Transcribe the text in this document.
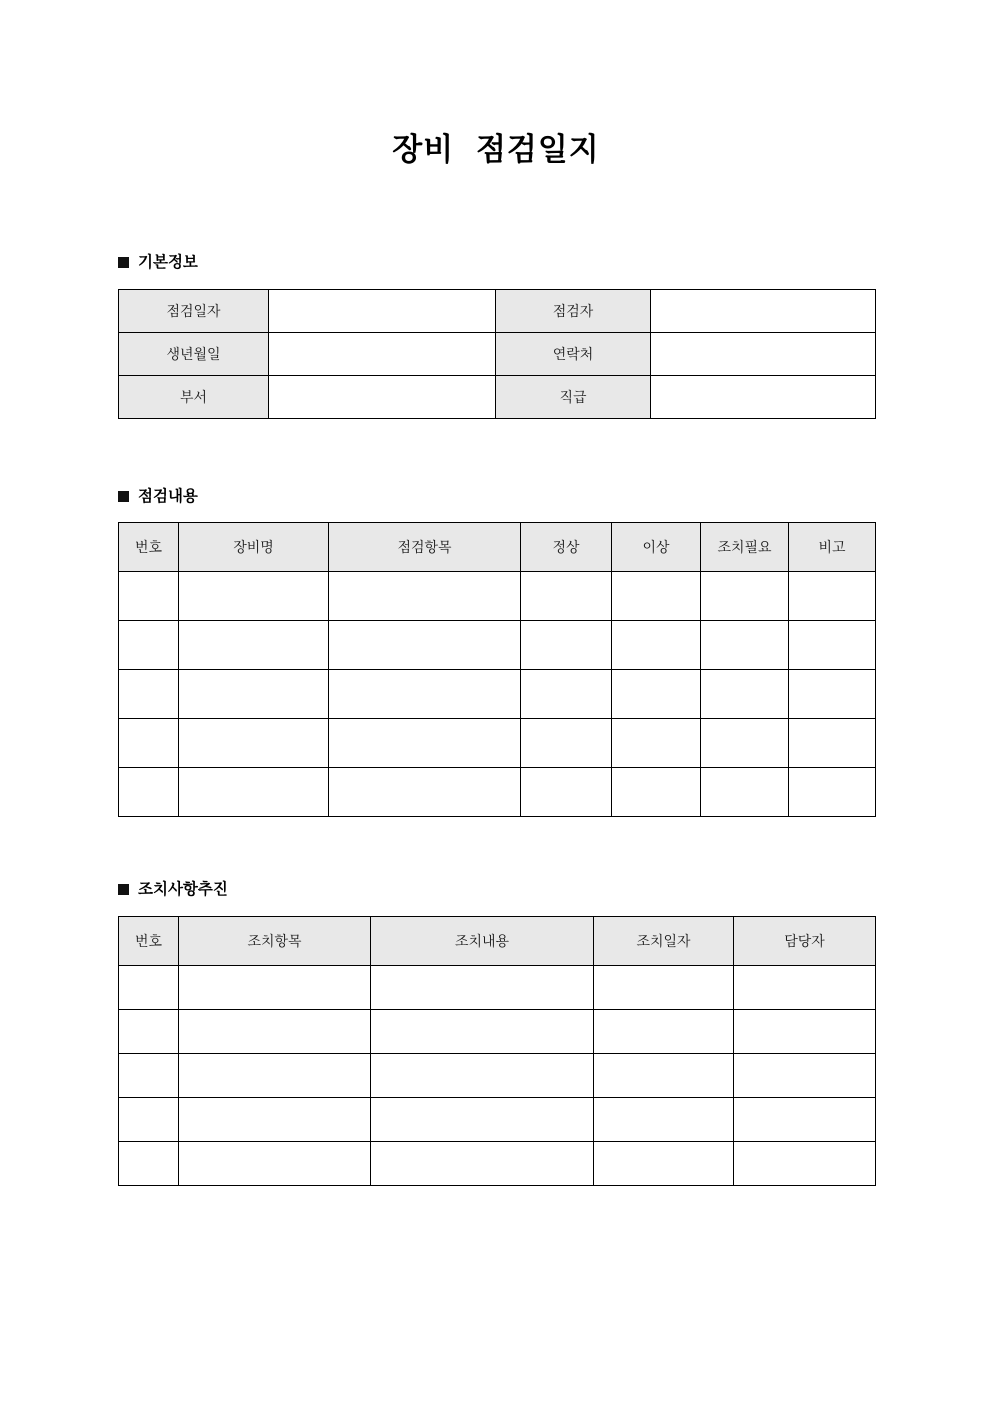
장비 점검일지
기본정보
점검일자		점검자	
생년월일		연락처	
부서		직급	
점검내용
번호	장비명	점검항목	정상	이상	조치필요	비고

조치사항추진
번호	조치항목	조치내용	조치일자	담당자
